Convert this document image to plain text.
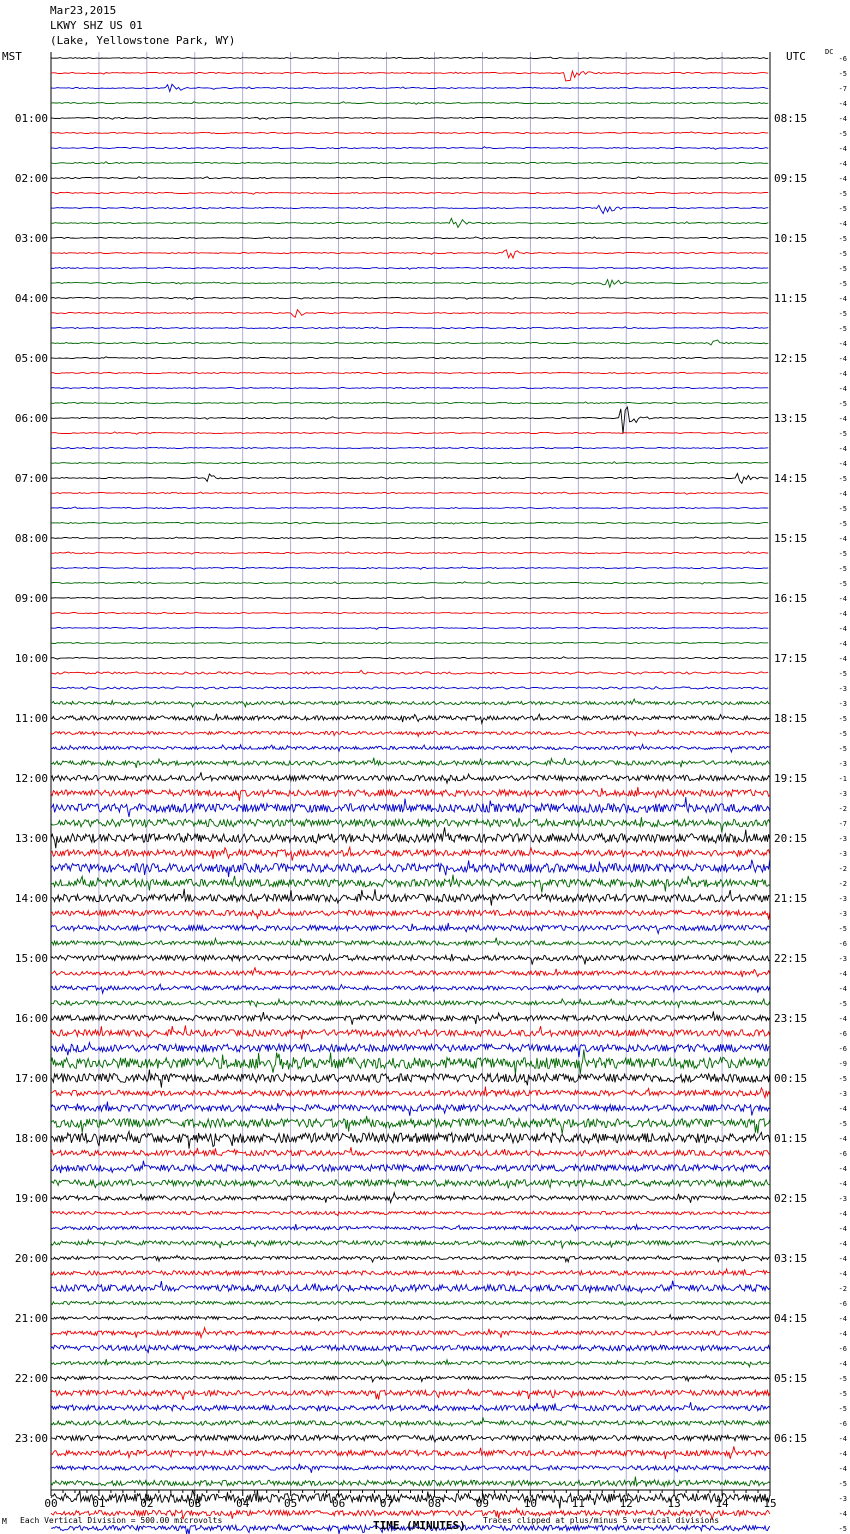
Mar23,2015
LKWY SHZ US 01
(Lake, Yellowstone Park, WY)
MST	UTC	DC
00	01	02	03	04	05	06	07	08	09	10	11	12	13	14	15
-6
-5
-7
-4
-4
-5
-4
-4
-4
-5
-5
-4
-5
-5
-5
-5
-4
-5
-5
-4
-4
-4
-4
-5
-4
-5
-4
-4
-5
-4
-5
-5
-4
-5
-5
-5
-4
-4
-4
-4
-4
-5
-3
-3
-5
-5
-5
-3
-1
-3
-2
-7
-3
-3
-2
-2
-3
-3
-5
-6
-3
-4
-4
-5
-4
-6
-6
-9
-5
-3
-4
-5
-4
-6
-4
-4
-3
-4
-4
-4
-4
-4
-2
-6
-4
-4
-6
-4
-5
-5
-5
-6
-4
-4
-4
-5
-3
-4
-5
01:00	08:15
02:00	09:15
03:00	10:15
04:00	11:15
05:00	12:15
06:00	13:15
07:00	14:15
08:00	15:15
09:00	16:15
10:00	17:15
11:00	18:15
12:00	19:15
13:00	20:15
14:00	21:15
15:00	22:15
16:00	23:15
17:00	00:15
18:00	01:15
19:00	02:15
20:00	03:15
21:00	04:15
22:00	05:15
23:00	06:15
M Each Vertical Division = 500.00 microvolts	TIME (MINUTES) Traces clipped at plus/minus 5 vertical divisions
